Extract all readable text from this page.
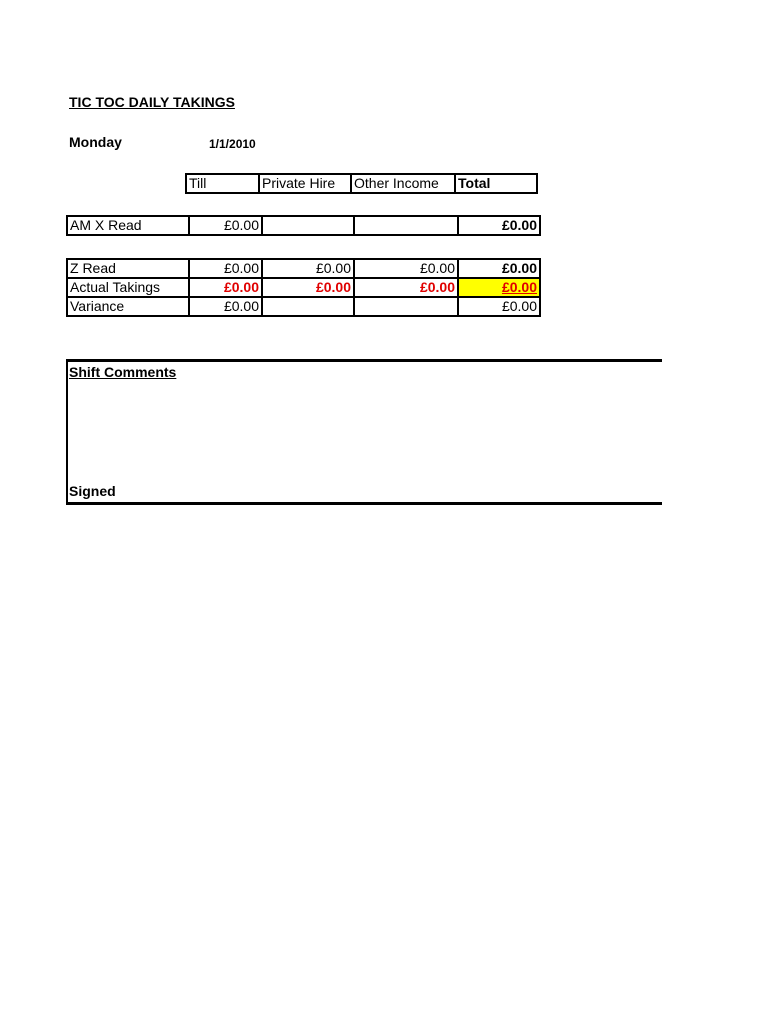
TIC TOC DAILY TAKINGS
Monday	1/1/2010
Till	Private Hire	Other Income	Total
AM X Read	£0.00			£0.00
Z Read	£0.00	£0.00	£0.00	£0.00
Actual Takings	£0.00	£0.00	£0.00	£0.00
Variance	£0.00			£0.00
Shift Comments
Signed
